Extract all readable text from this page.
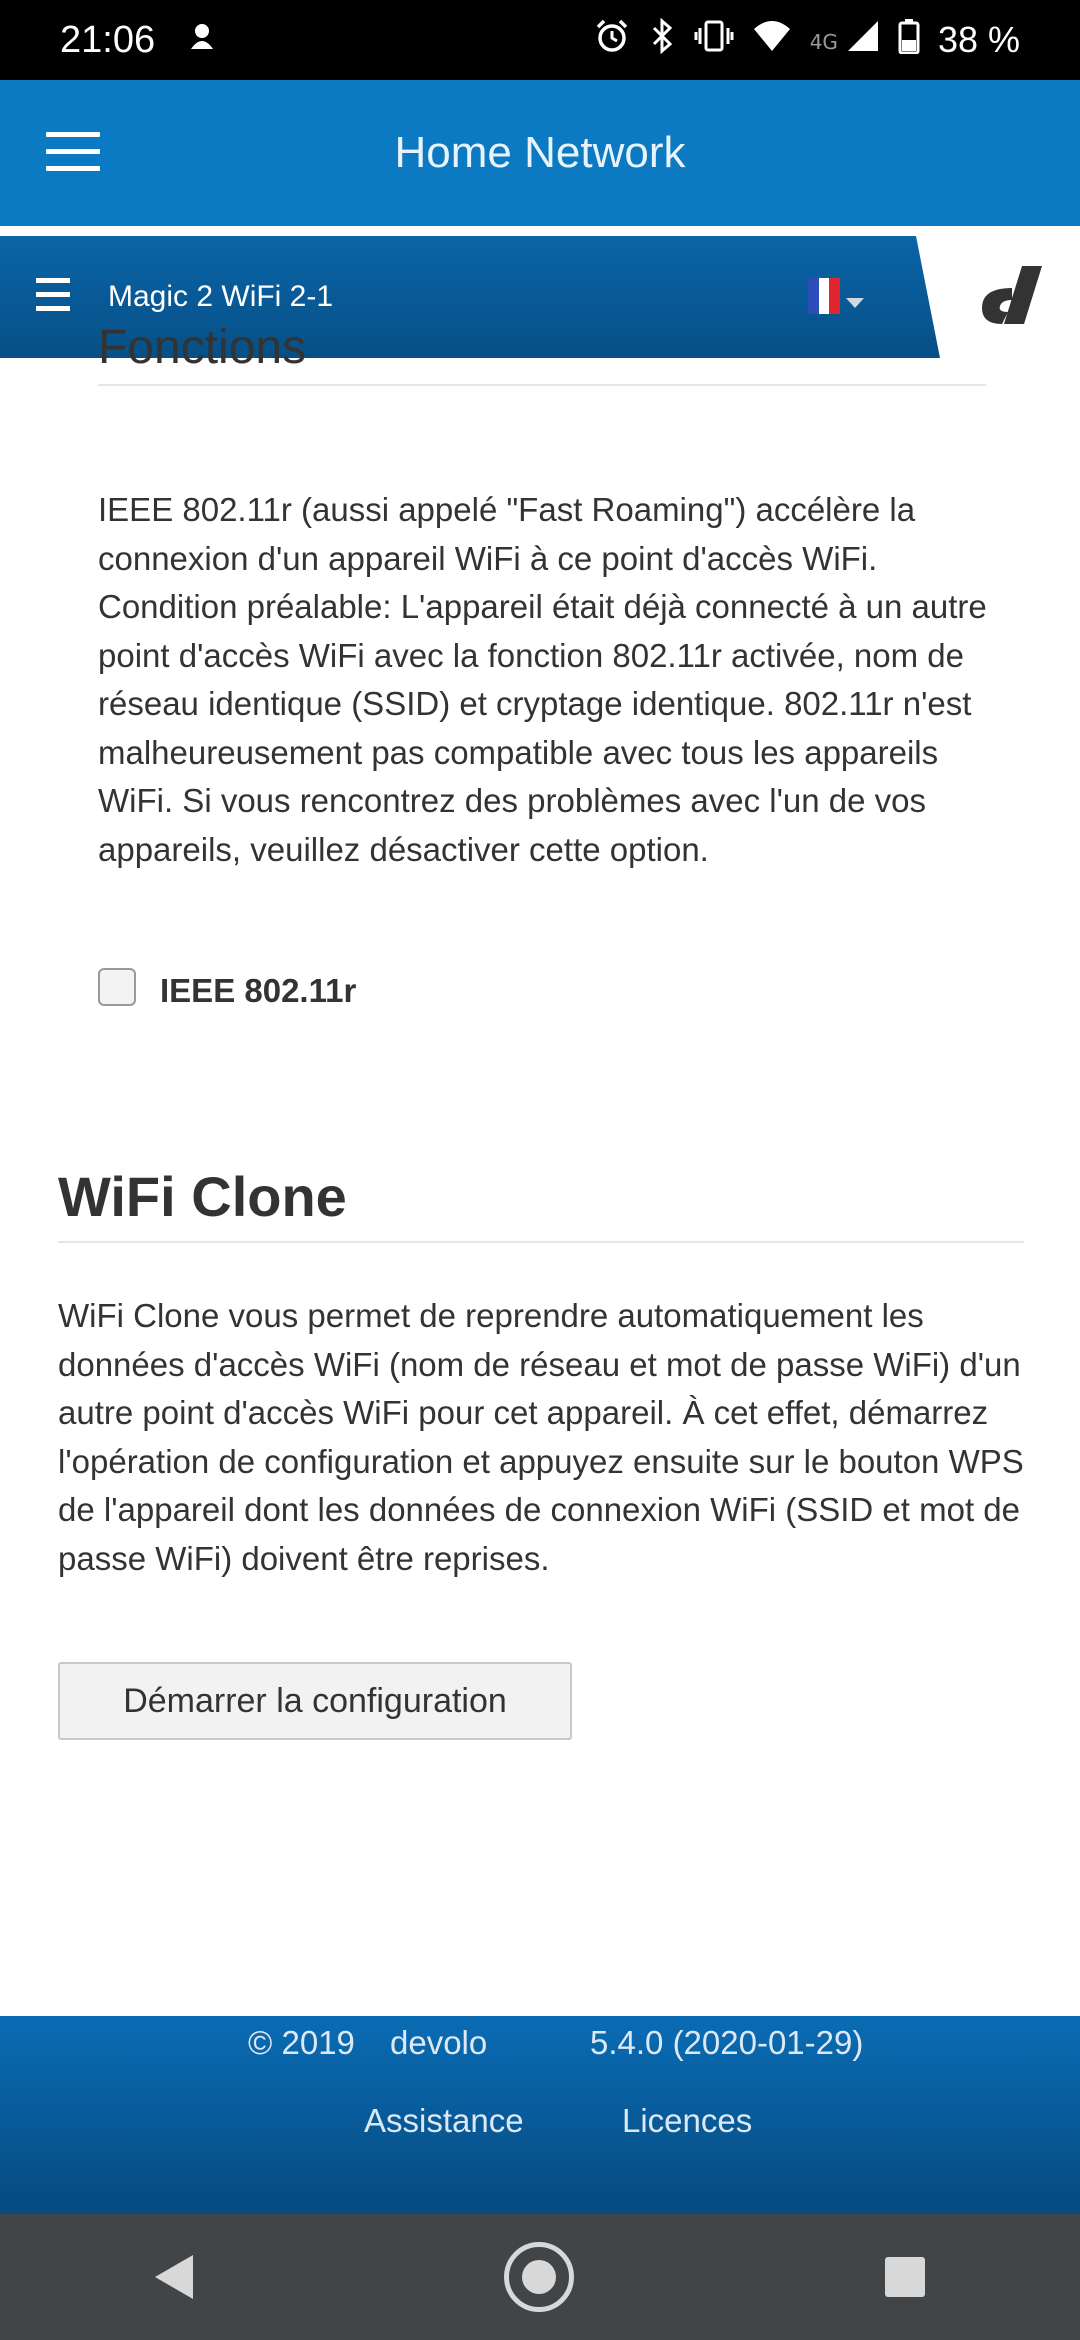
21:06	4G	38 %
Home Network
Magic 2 WiFi 2-1
Fonctions

IEEE 802.11r (aussi appelé "Fast Roaming") accélère la connexion d'un appareil WiFi à ce point d'accès WiFi. Condition préalable: L'appareil était déjà connecté à un autre point d'accès WiFi avec la fonction 802.11r activée, nom de réseau identique (SSID) et cryptage identique. 802.11r n'est malheureusement pas compatible avec tous les appareils WiFi. Si vous rencontrez des problèmes avec l'un de vos appareils, veuillez désactiver cette option.

IEEE 802.11r
WiFi Clone

WiFi Clone vous permet de reprendre automatiquement les données d'accès WiFi (nom de réseau et mot de passe WiFi) d'un autre point d'accès WiFi pour cet appareil. À cet effet, démarrez l'opération de configuration et appuyez ensuite sur le bouton WPS de l'appareil dont les données de connexion WiFi (SSID et mot de passe WiFi) doivent être reprises.

Démarrer la configuration
© 2019 devolo	5.4.0 (2020-01-29)
Assistance	Licences
